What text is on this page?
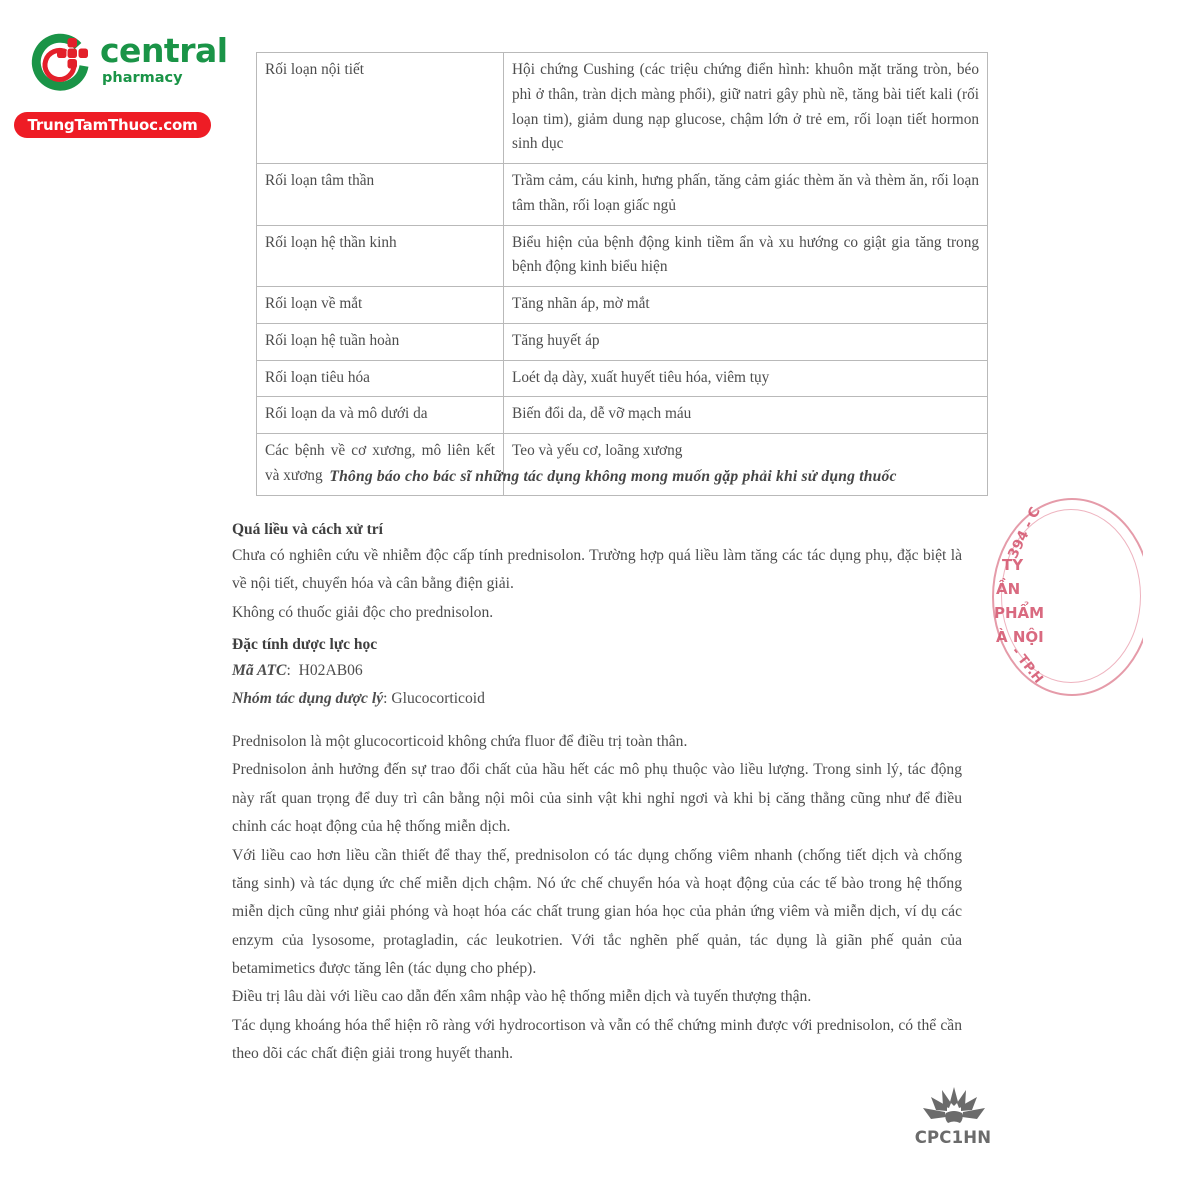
central
pharmacy
TrungTamThuoc.com
Rối loạn nội tiết	Hội chứng Cushing (các triệu chứng điển hình: khuôn mặt trăng tròn, béo phì ở thân, tràn dịch màng phổi), giữ natri gây phù nề, tăng bài tiết kali (rối loạn tim), giảm dung nạp glucose, chậm lớn ở trẻ em, rối loạn tiết hormon sinh dục
Rối loạn tâm thần	Trầm cảm, cáu kinh, hưng phấn, tăng cảm giác thèm ăn và thèm ăn, rối loạn tâm thần, rối loạn giấc ngủ
Rối loạn hệ thần kinh	Biểu hiện của bệnh động kinh tiềm ẩn và xu hướng co giật gia tăng trong bệnh động kinh biểu hiện
Rối loạn về mắt	Tăng nhãn áp, mờ mắt
Rối loạn hệ tuần hoàn	Tăng huyết áp
Rối loạn tiêu hóa	Loét dạ dày, xuất huyết tiêu hóa, viêm tụy
Rối loạn da và mô dưới da	Biến đổi da, dễ vỡ mạch máu
Các bệnh về cơ xương, mô liên kết và xương	Teo và yếu cơ, loãng xương
Thông báo cho bác sĩ những tác dụng không mong muốn gặp phải khi sử dụng thuốc
Quá liều và cách xử trí
Chưa có nghiên cứu về nhiễm độc cấp tính prednisolon. Trường hợp quá liều làm tăng các tác dụng phụ, đặc biệt là về nội tiết, chuyển hóa và cân bằng điện giải.
Không có thuốc giải độc cho prednisolon.
Đặc tính dược lực học
Mã ATC:  H02AB06
Nhóm tác dụng dược lý: Glucocorticoid
Prednisolon là một glucocorticoid không chứa fluor để điều trị toàn thân.
Prednisolon ảnh hưởng đến sự trao đổi chất của hầu hết các mô phụ thuộc vào liều lượng. Trong sinh lý, tác động này rất quan trọng để duy trì cân bằng nội môi của sinh vật khi nghỉ ngơi và khi bị căng thẳng cũng như để điều chỉnh các hoạt động của hệ thống miễn dịch.
Với liều cao hơn liều cần thiết để thay thế, prednisolon có tác dụng chống viêm nhanh (chống tiết dịch và chống tăng sinh) và tác dụng ức chế miễn dịch chậm. Nó ức chế chuyển hóa và hoạt động của các tế bào trong hệ thống miễn dịch cũng như giải phóng và hoạt hóa các chất trung gian hóa học của phản ứng viêm và miễn dịch, ví dụ các enzym của lysosome, protagladin, các leukotrien. Với tắc nghẽn phế quản, tác dụng là giãn phế quản của betamimetics được tăng lên (tác dụng cho phép).
Điều trị lâu dài với liều cao dẫn đến xâm nhập vào hệ thống miễn dịch và tuyến thượng thận.
Tác dụng khoáng hóa thể hiện rõ ràng với hydrocortison và vẫn có thể chứng minh được với prednisolon, có thể cần theo dõi các chất điện giải trong huyết thanh.
394 - C
TY
ẦN
PHẨM
À NỘI
- TP.H
CPC1HN
